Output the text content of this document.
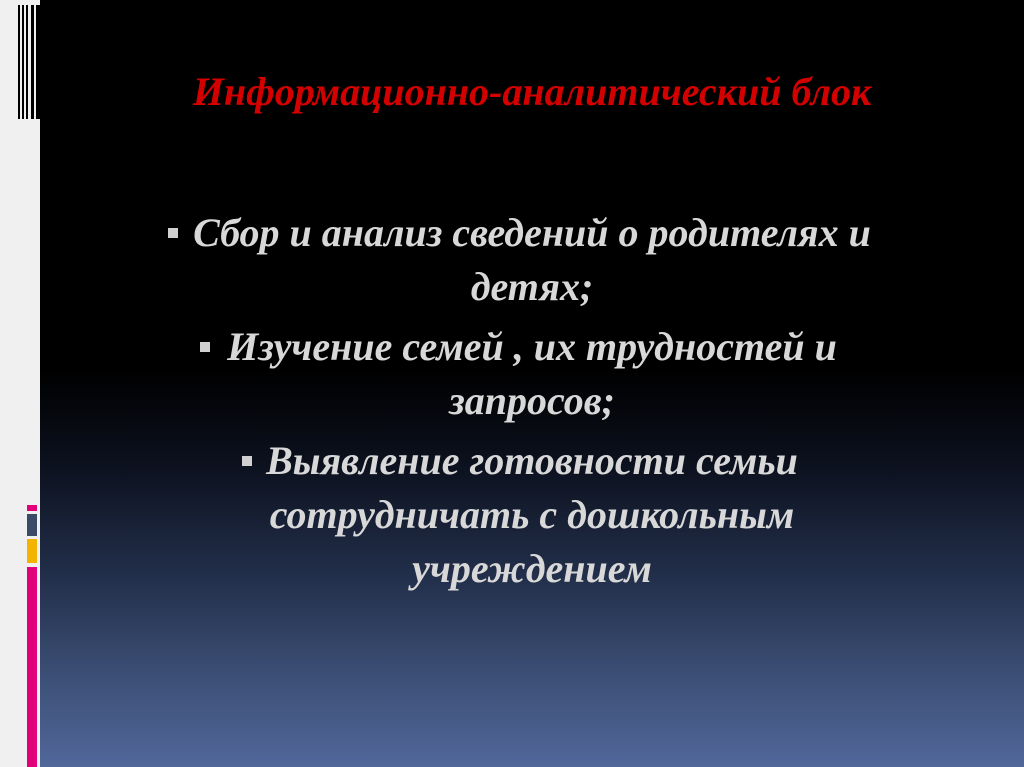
Информационно-аналитический блок
Сбор и анализ сведений о родителях и детях;
Изучение семей , их трудностей и запросов;
Выявление готовности семьи сотрудничать с дошкольным учреждением
